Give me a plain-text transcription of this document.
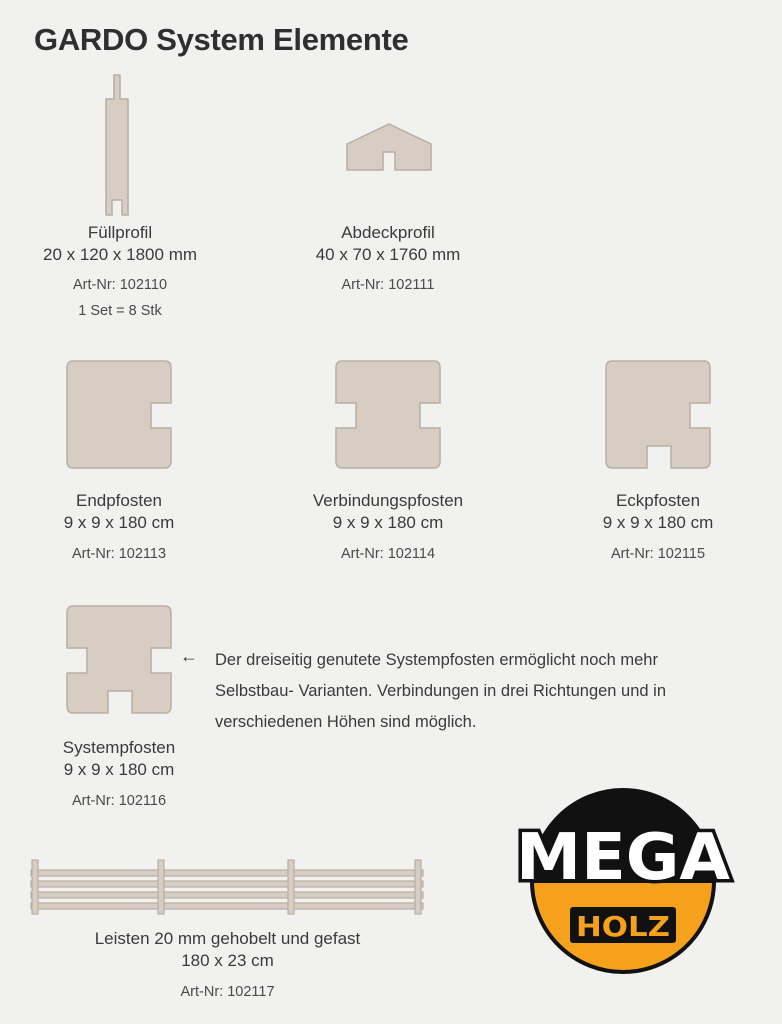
GARDO System Elemente
Füllprofil
20 x 120 x 1800 mm
Art-Nr: 102110
1 Set = 8 Stk
Abdeckprofil
40 x 70 x 1760 mm
Art-Nr: 102111
Endpfosten
9 x 9 x 180 cm
Art-Nr: 102113
Verbindungspfosten
9 x 9 x 180 cm
Art-Nr: 102114
Eckpfosten
9 x 9 x 180 cm
Art-Nr: 102115
← Der dreiseitig genutete Systempfosten ermöglicht noch mehr
Selbstbau- Varianten. Verbindungen in drei Richtungen und in
verschiedenen Höhen sind möglich.
Systempfosten
9 x 9 x 180 cm
Art-Nr: 102116
Leisten 20 mm gehobelt und gefast
180 x 23 cm
Art-Nr: 102117
MEGA
HOLZ
